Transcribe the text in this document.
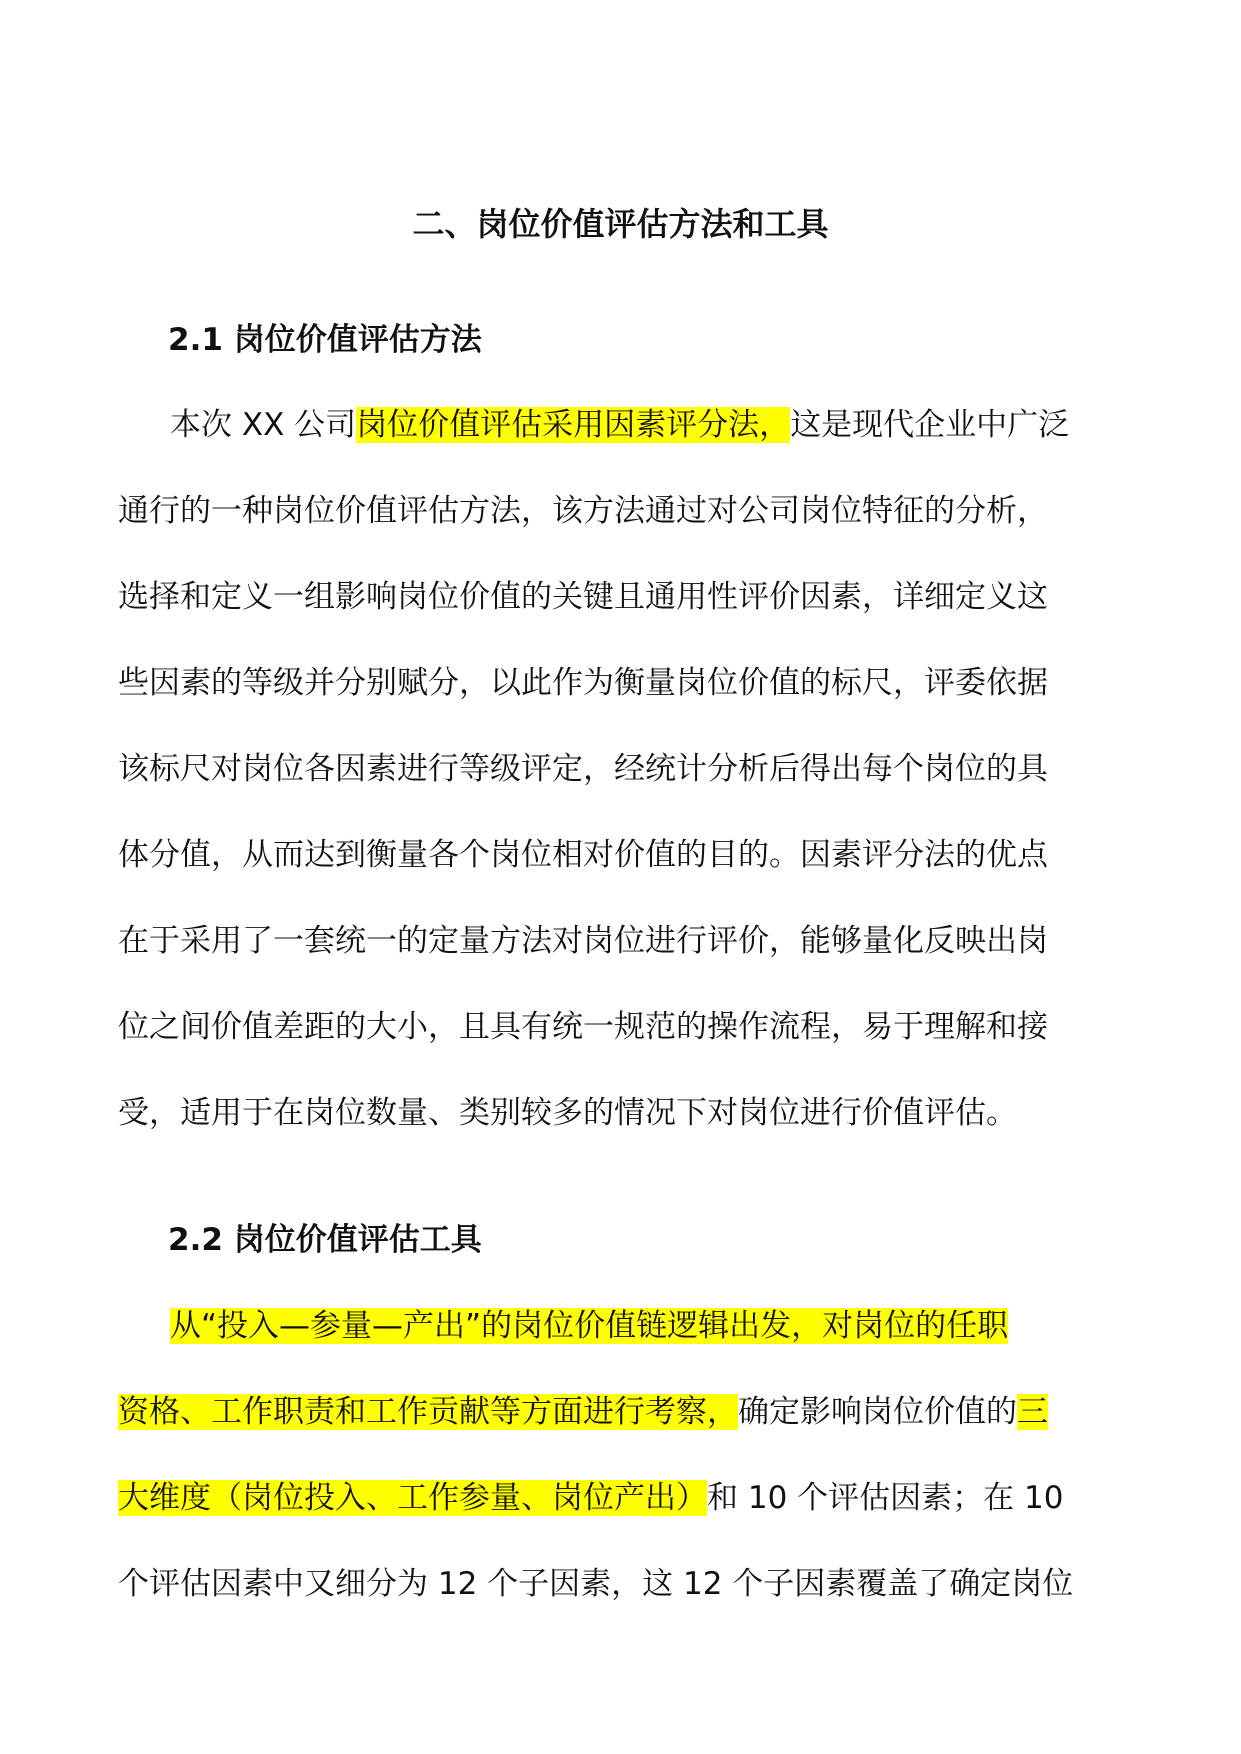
二、岗位价值评估方法和工具
2.1 岗位价值评估方法
本次 XX 公司岗位价值评估采用因素评分法，这是现代企业中广泛
通行的一种岗位价值评估方法，该方法通过对公司岗位特征的分析，
选择和定义一组影响岗位价值的关键且通用性评价因素，详细定义这
些因素的等级并分别赋分，以此作为衡量岗位价值的标尺，评委依据
该标尺对岗位各因素进行等级评定，经统计分析后得出每个岗位的具
体分值，从而达到衡量各个岗位相对价值的目的。因素评分法的优点
在于采用了一套统一的定量方法对岗位进行评价，能够量化反映出岗
位之间价值差距的大小，且具有统一规范的操作流程，易于理解和接
受，适用于在岗位数量、类别较多的情况下对岗位进行价值评估。
2.2 岗位价值评估工具
从“投入—参量—产出”的岗位价值链逻辑出发，对岗位的任职
资格、工作职责和工作贡献等方面进行考察，确定影响岗位价值的三
大维度（岗位投入、工作参量、岗位产出）和 10 个评估因素；在 10
个评估因素中又细分为 12 个子因素，这 12 个子因素覆盖了确定岗位
